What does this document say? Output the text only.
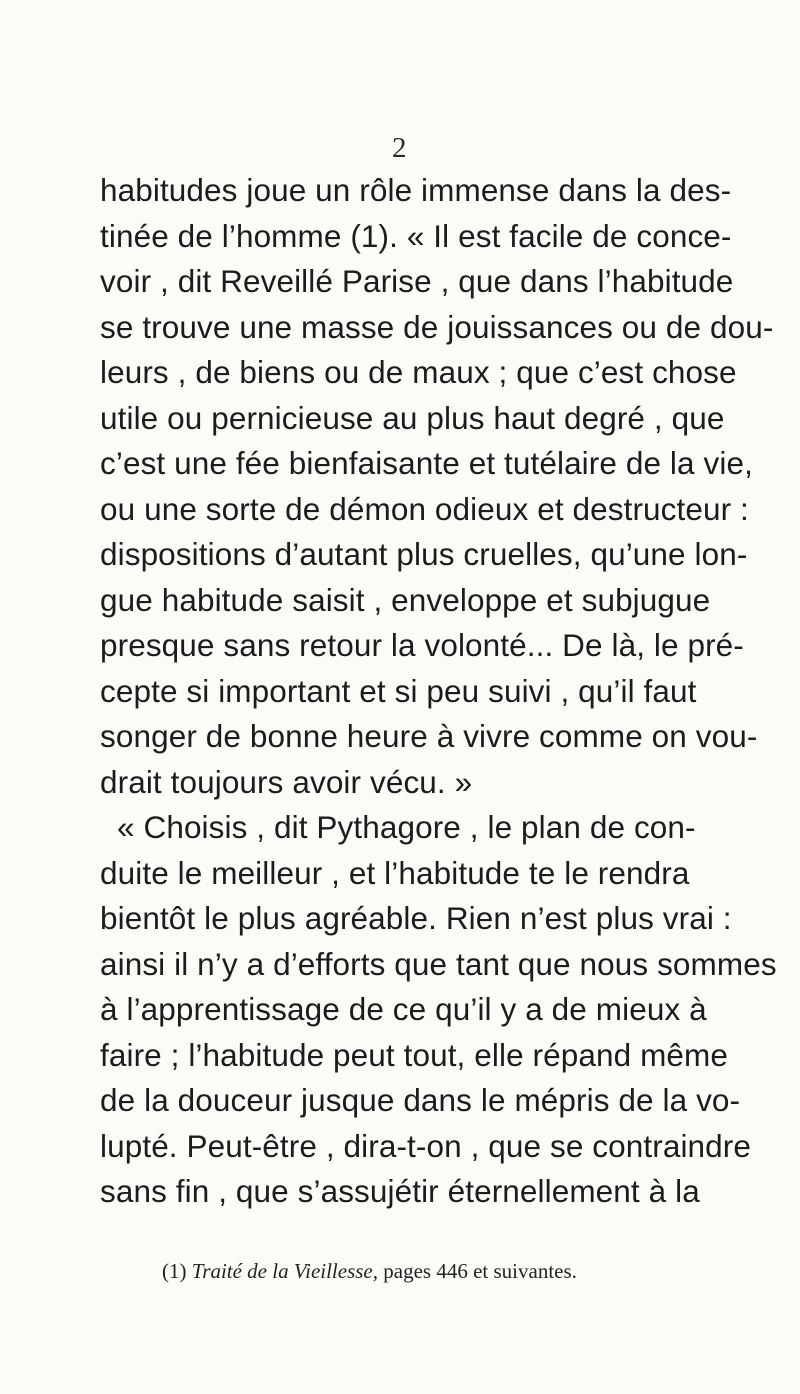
2
habitudes joue un rôle immense dans la des-
tinée de l’homme (1). « Il est facile de conce-
voir , dit Reveillé Parise , que dans l’habitude
se trouve une masse de jouissances ou de dou-
leurs , de biens ou de maux ; que c’est chose
utile ou pernicieuse au plus haut degré , que
c’est une fée bienfaisante et tutélaire de la vie,
ou une sorte de démon odieux et destructeur :
dispositions d’autant plus cruelles, qu’une lon-
gue habitude saisit , enveloppe et subjugue
presque sans retour la volonté... De là, le pré-
cepte si important et si peu suivi , qu’il faut
songer de bonne heure à vivre comme on vou-
drait toujours avoir vécu. »
« Choisis , dit Pythagore , le plan de con-
duite le meilleur , et l’habitude te le rendra
bientôt le plus agréable. Rien n’est plus vrai :
ainsi il n’y a d’efforts que tant que nous sommes
à l’apprentissage de ce qu’il y a de mieux à
faire ; l’habitude peut tout, elle répand même
de la douceur jusque dans le mépris de la vo-
lupté. Peut-être , dira-t-on , que se contraindre
sans fin , que s’assujétir éternellement à la
(1) Traité de la Vieillesse, pages 446 et suivantes.
